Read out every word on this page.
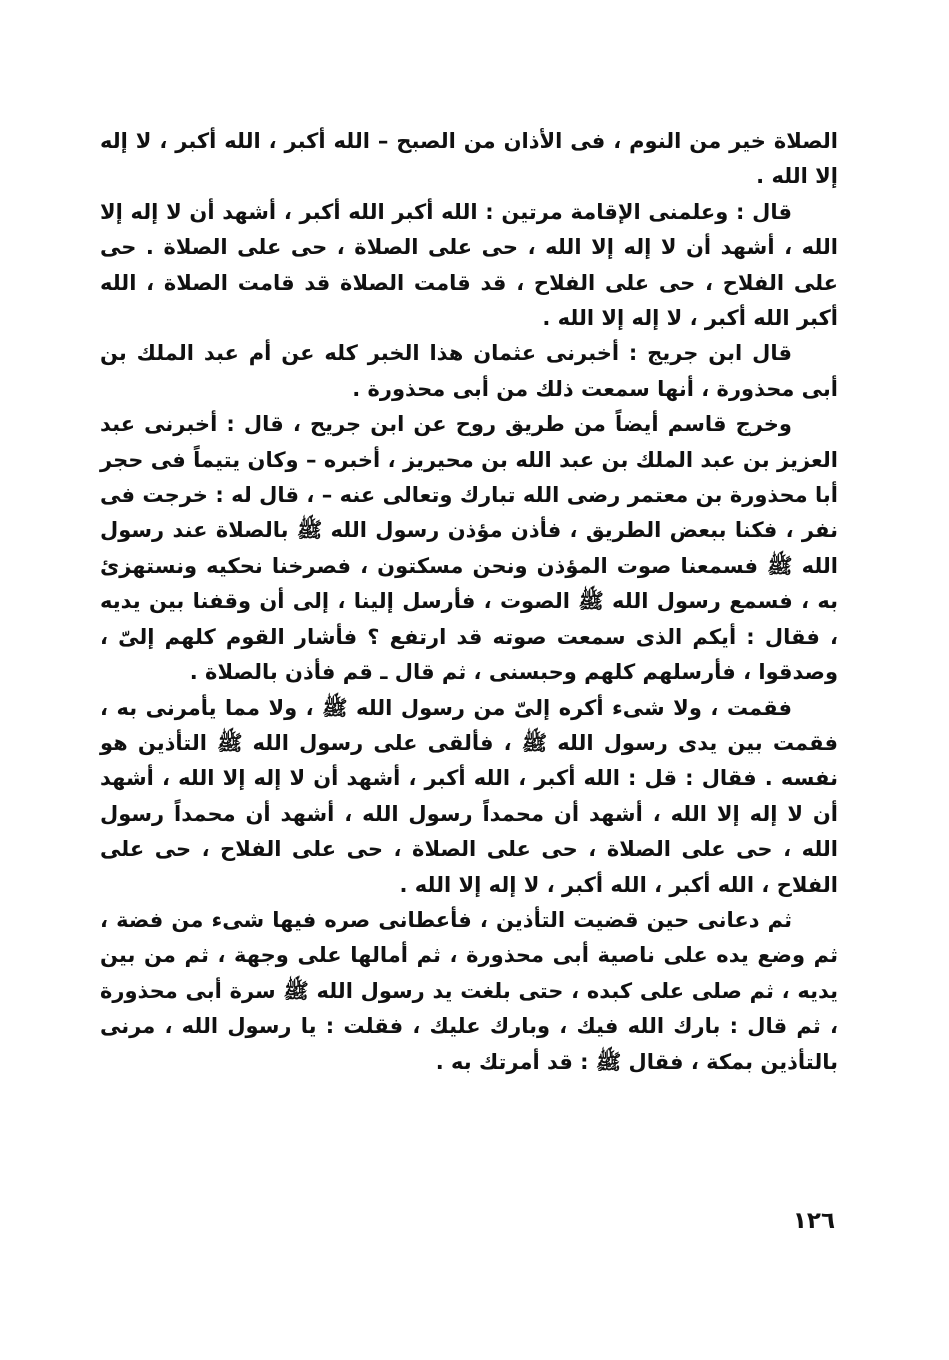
الصلاة خير من النوم ، فى الأذان من الصبح – الله أكبر ، الله أكبر ، لا إله إلا الله .

قال : وعلمنى الإقامة مرتين : الله أكبر الله أكبر ، أشهد أن لا إله إلا الله ، أشهد أن لا إله إلا الله ، حى على الصلاة ، حى على الصلاة . حى على الفلاح ، حى على الفلاح ، قد قامت الصلاة قد قامت الصلاة ، الله أكبر الله أكبر ، لا إله إلا الله .

قال ابن جريج : أخبرنى عثمان هذا الخبر كله عن أم عبد الملك بن أبى محذورة ، أنها سمعت ذلك من أبى محذورة .

وخرج قاسم أيضاً من طريق روح عن ابن جريح ، قال : أخبرنى عبد العزيز بن عبد الملك بن عبد الله بن محيريز ، أخبره – وكان يتيماً فى حجر أبا محذورة بن معتمر رضى الله تبارك وتعالى عنه – ، قال له : خرجت فى نفر ، فكنا ببعض الطريق ، فأذن مؤذن رسول الله ﷺ بالصلاة عند رسول الله ﷺ فسمعنا صوت المؤذن ونحن مسكتون ، فصرخنا نحكيه ونستهزئ به ، فسمع رسول الله ﷺ الصوت ، فأرسل إلينا ، إلى أن وقفنا بين يديه ، فقال : أيكم الذى سمعت صوته قد ارتفع ؟ فأشار القوم كلهم إلىّ ، وصدقوا ، فأرسلهم كلهم وحبسنى ، ثم قال ـ قم فأذن بالصلاة .

فقمت ، ولا شىء أكره إلىّ من رسول الله ﷺ ، ولا مما يأمرنى به ، فقمت بين يدى رسول الله ﷺ ، فألقى على رسول الله ﷺ التأذين هو نفسه . فقال : قل : الله أكبر ، الله أكبر ، أشهد أن لا إله إلا الله ، أشهد أن لا إله إلا الله ، أشهد أن محمداً رسول الله ، أشهد أن محمداً رسول الله ، حى على الصلاة ، حى على الصلاة ، حى على الفلاح ، حى على الفلاح ، الله أكبر ، الله أكبر ، لا إله إلا الله .

ثم دعانى حين قضيت التأذين ، فأعطانى صره فيها شىء من فضة ، ثم وضع يده على ناصية أبى محذورة ، ثم أمالها على وجهة ، ثم من بين يديه ، ثم صلى على كبده ، حتى بلغت يد رسول الله ﷺ سرة أبى محذورة ، ثم قال : بارك الله فيك ، وبارك عليك ، فقلت : يا رسول الله ، مرنى بالتأذين بمكة ، فقال ﷺ : قد أمرتك به .

١٢٦
